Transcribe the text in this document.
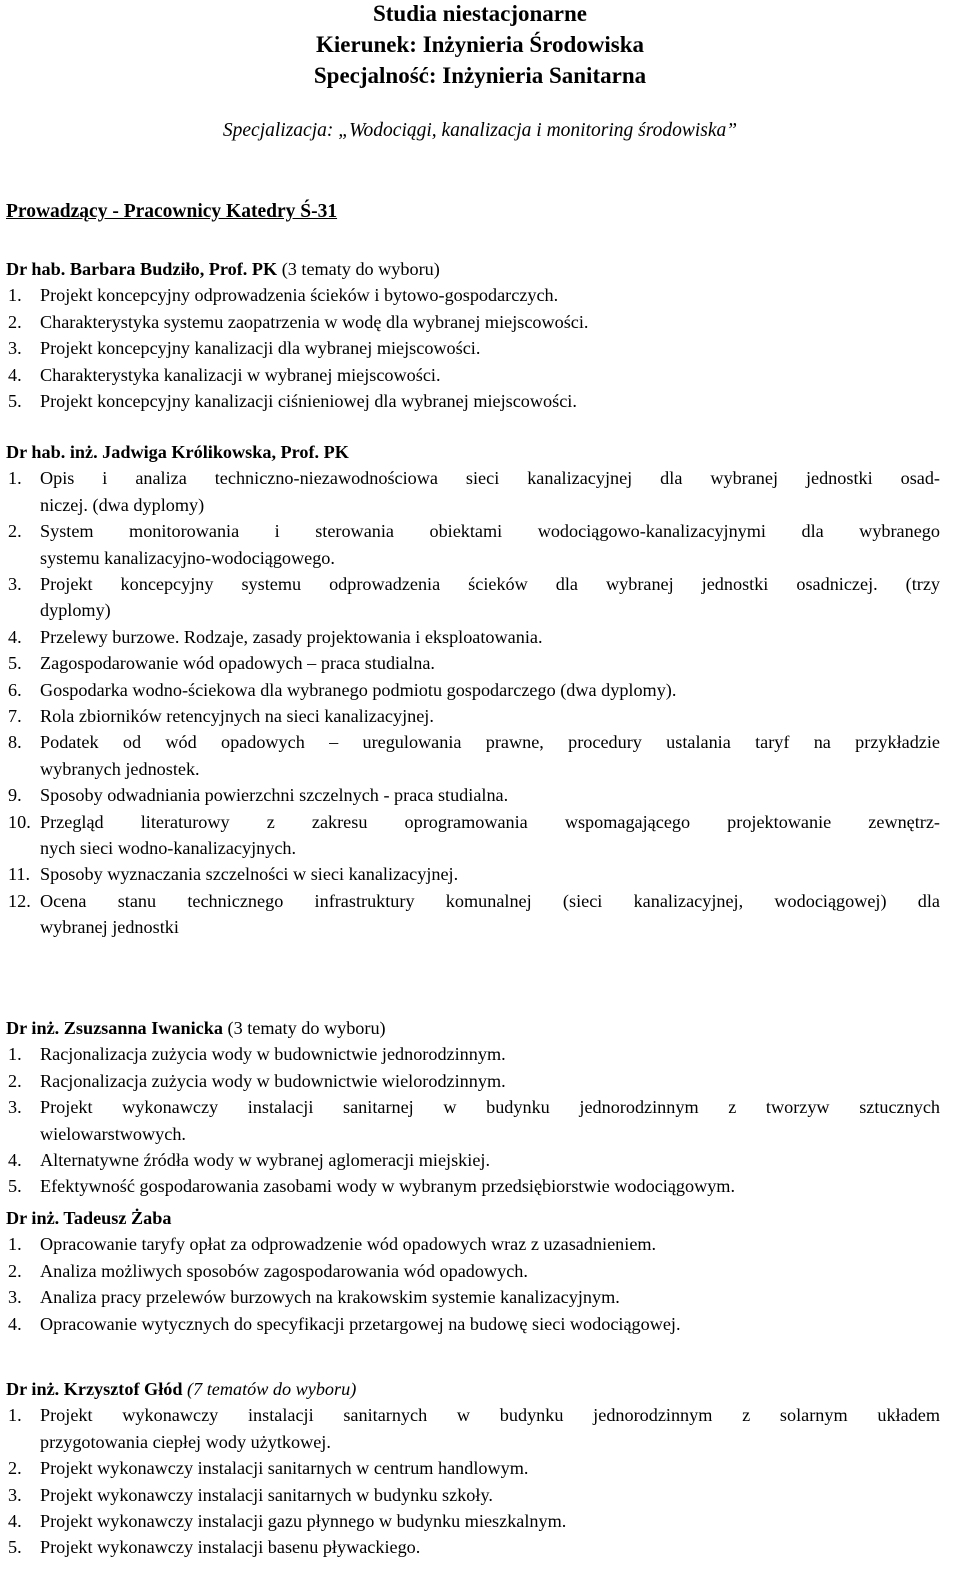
Studia niestacjonarne
Kierunek: Inżynieria Środowiska
Specjalność: Inżynieria Sanitarna
Specjalizacja: „Wodociągi, kanalizacja i monitoring środowiska”
Prowadzący - Pracownicy Katedry Ś-31
Dr hab. Barbara Budziło, Prof. PK (3 tematy do wyboru)
1. Projekt koncepcyjny odprowadzenia ścieków i bytowo-gospodarczych.
2. Charakterystyka systemu zaopatrzenia w wodę dla wybranej miejscowości.
3. Projekt koncepcyjny kanalizacji dla wybranej miejscowości.
4. Charakterystyka kanalizacji w wybranej miejscowości.
5. Projekt koncepcyjny kanalizacji ciśnieniowej dla wybranej miejscowości.
Dr hab. inż. Jadwiga Królikowska, Prof. PK
1. Opis i analiza techniczno-niezawodnościowa sieci kanalizacyjnej dla wybranej jednostki osad-
niczej. (dwa dyplomy)
2. System monitorowania i sterowania obiektami wodociągowo-kanalizacyjnymi dla wybranego
systemu kanalizacyjno-wodociągowego.
3. Projekt koncepcyjny systemu odprowadzenia ścieków dla wybranej jednostki osadniczej. (trzy
dyplomy)
4. Przelewy burzowe. Rodzaje, zasady projektowania i eksploatowania.
5. Zagospodarowanie wód opadowych – praca studialna.
6. Gospodarka wodno-ściekowa dla wybranego podmiotu gospodarczego (dwa dyplomy).
7. Rola zbiorników retencyjnych na sieci kanalizacyjnej.
8. Podatek od wód opadowych – uregulowania prawne, procedury ustalania taryf na przykładzie
wybranych jednostek.
9. Sposoby odwadniania powierzchni szczelnych - praca studialna.
10. Przegląd literaturowy z zakresu oprogramowania wspomagającego projektowanie zewnętrz-
nych sieci wodno-kanalizacyjnych.
11. Sposoby wyznaczania szczelności w sieci kanalizacyjnej.
12. Ocena stanu technicznego infrastruktury komunalnej (sieci kanalizacyjnej, wodociągowej) dla
wybranej jednostki
Dr inż. Zsuzsanna Iwanicka (3 tematy do wyboru)
1. Racjonalizacja zużycia wody w budownictwie jednorodzinnym.
2. Racjonalizacja zużycia wody w budownictwie wielorodzinnym.
3. Projekt wykonawczy instalacji sanitarnej w budynku jednorodzinnym z tworzyw sztucznych
wielowarstwowych.
4. Alternatywne źródła wody w wybranej aglomeracji miejskiej.
5. Efektywność gospodarowania zasobami wody w wybranym przedsiębiorstwie wodociągowym.
Dr inż. Tadeusz Żaba
1. Opracowanie taryfy opłat za odprowadzenie wód opadowych wraz z uzasadnieniem.
2. Analiza możliwych sposobów zagospodarowania wód opadowych.
3. Analiza pracy przelewów burzowych na krakowskim systemie kanalizacyjnym.
4. Opracowanie wytycznych do specyfikacji przetargowej na budowę sieci wodociągowej.
Dr inż. Krzysztof Głód (7 tematów do wyboru)
1. Projekt wykonawczy instalacji sanitarnych w budynku jednorodzinnym z solarnym układem
przygotowania ciepłej wody użytkowej.
2. Projekt wykonawczy instalacji sanitarnych w centrum handlowym.
3. Projekt wykonawczy instalacji sanitarnych w budynku szkoły.
4. Projekt wykonawczy instalacji gazu płynnego w budynku mieszkalnym.
5. Projekt wykonawczy instalacji basenu pływackiego.
